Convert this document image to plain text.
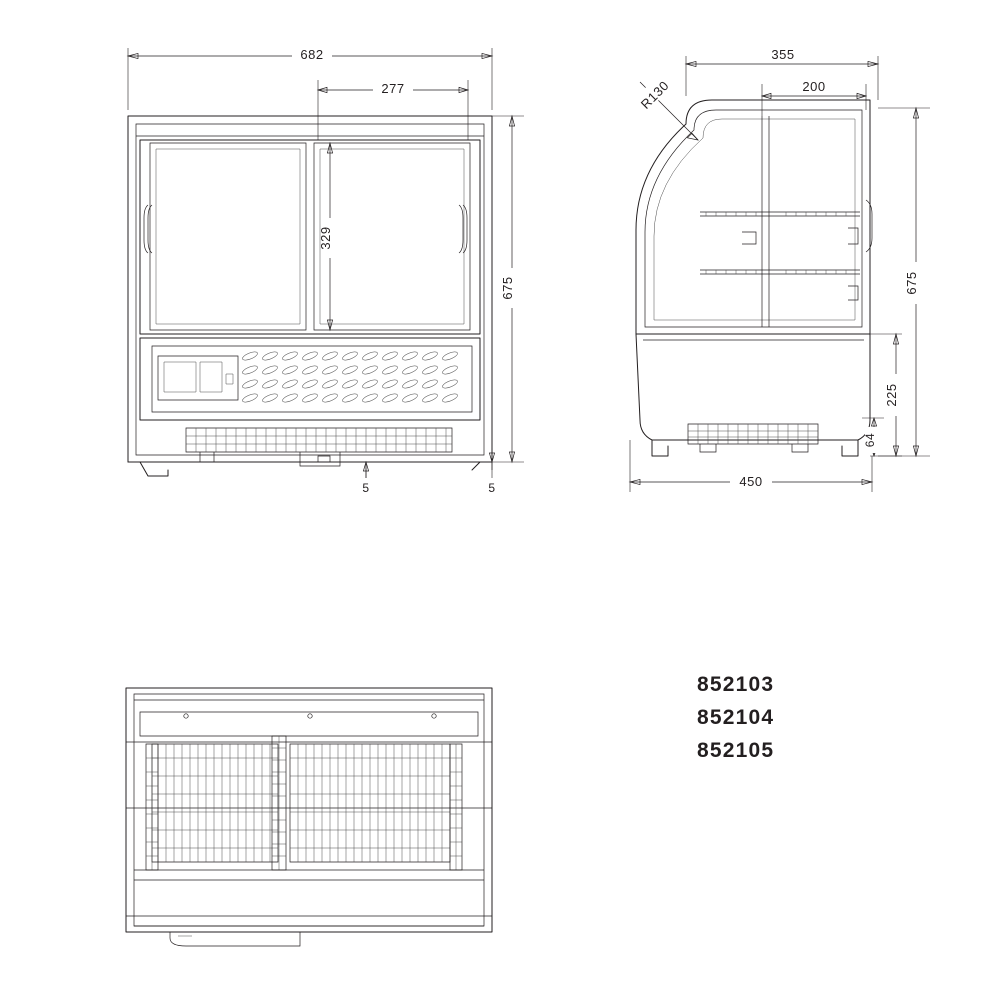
682
277
329
675
5	5
355
200
R130
675
225
64
450
852103
852104
852105
